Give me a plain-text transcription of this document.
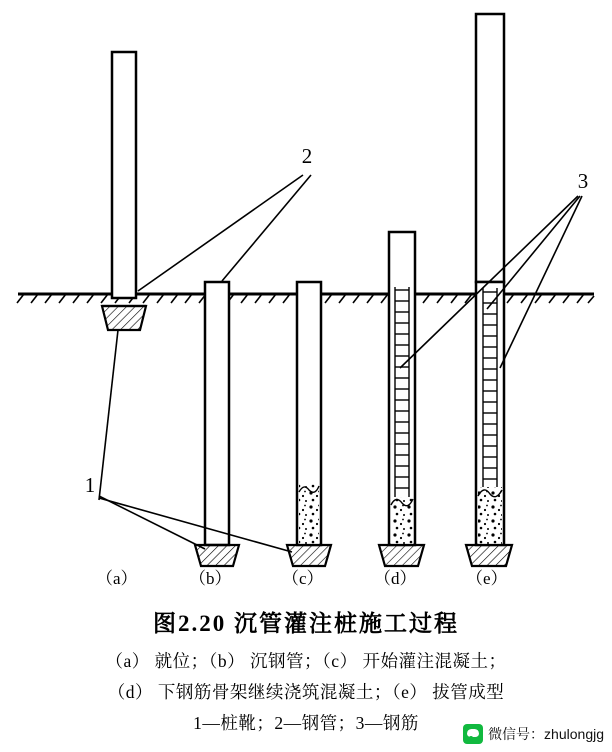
2
3
1
（a）	（b）	（c）	（d）	（e）
图2.20 沉管灌注桩施工过程
（a） 就位；（b） 沉钢管；（c） 开始灌注混凝土；
（d） 下钢筋骨架继续浇筑混凝土；（e） 拔管成型
1—桩靴；2—钢管；3—钢筋
微信号：zhulongjg
